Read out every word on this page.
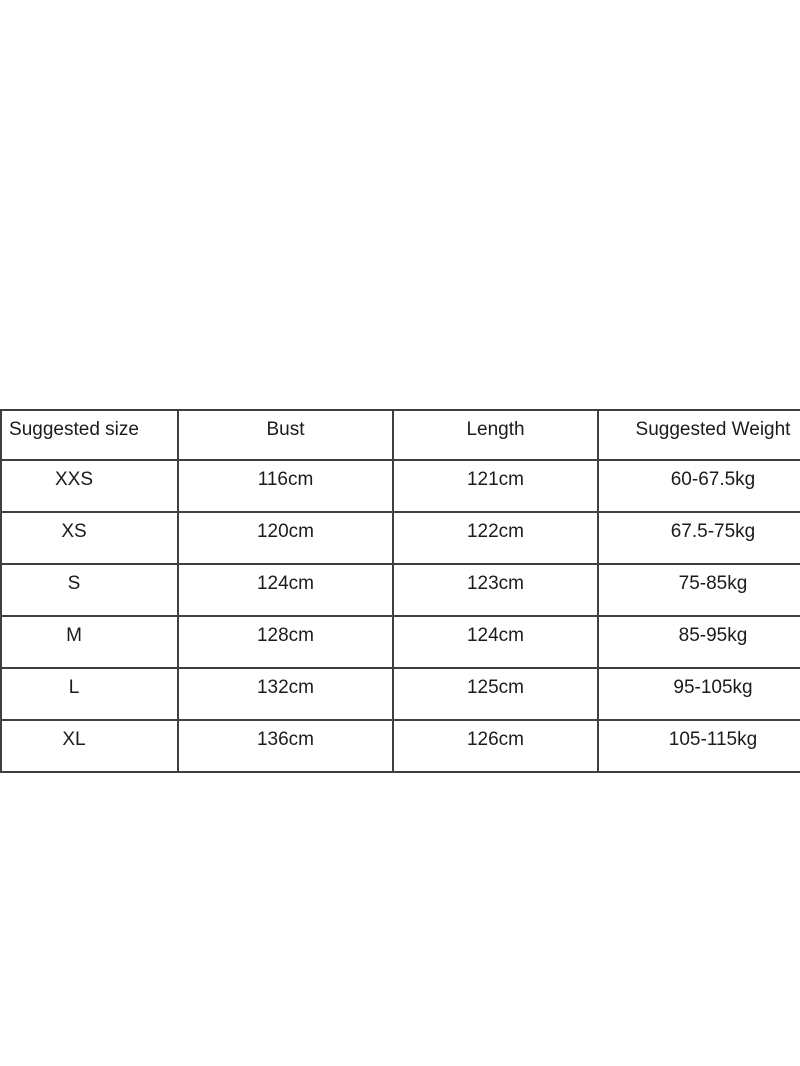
Suggested size	Bust	Length	Suggested Weight
XXS	116cm	121cm	60-67.5kg
XS	120cm	122cm	67.5-75kg
S	124cm	123cm	75-85kg
M	128cm	124cm	85-95kg
L	132cm	125cm	95-105kg
XL	136cm	126cm	105-115kg
